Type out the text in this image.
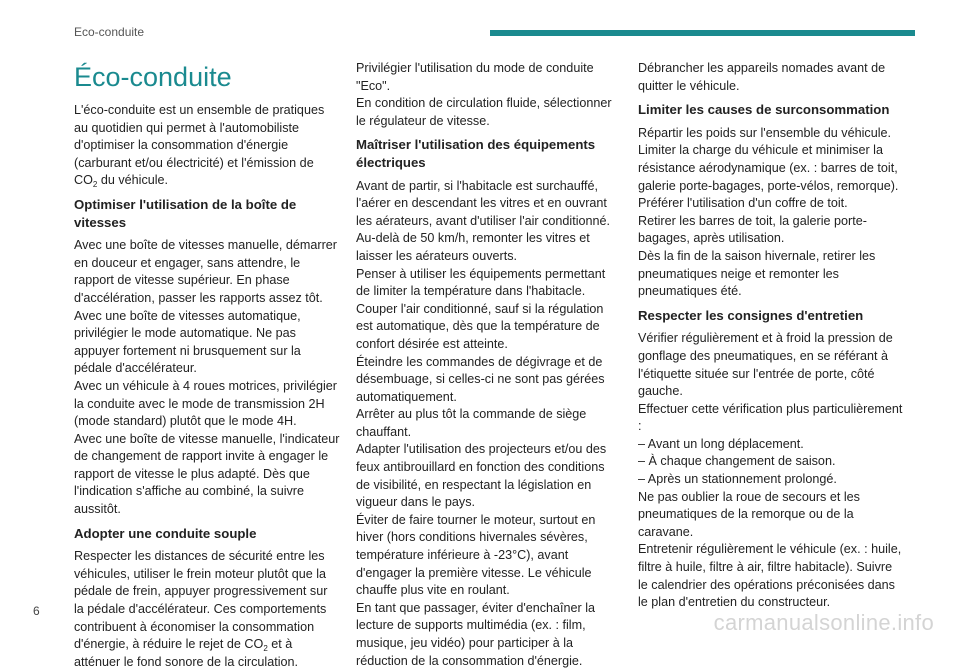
Eco-conduite
Éco-conduite

L'éco-conduite est un ensemble de pratiques au quotidien qui permet à l'automobiliste d'optimiser la consommation d'énergie (carburant et/ou électricité) et l'émission de $CO_2$ du véhicule.

Optimiser l'utilisation de la boîte de vitesses

Avec une boîte de vitesses manuelle, démarrer en douceur et engager, sans attendre, le rapport de vitesse supérieur. En phase d'accélération, passer les rapports assez tôt.

Avec une boîte de vitesses automatique, privilégier le mode automatique. Ne pas appuyer fortement ni brusquement sur la pédale d'accélérateur.

Avec un véhicule à 4 roues motrices, privilégier la conduite avec le mode de transmission 2H (mode standard) plutôt que le mode 4H.

Avec une boîte de vitesse manuelle, l'indicateur de changement de rapport invite à engager le rapport de vitesse le plus adapté. Dès que l'indication s'affiche au combiné, la suivre aussitôt.

Adopter une conduite souple

Respecter les distances de sécurité entre les véhicules, utiliser le frein moteur plutôt que la pédale de frein, appuyer progressivement sur la pédale d'accélérateur. Ces comportements contribuent à économiser la consommation d'énergie, à réduire le rejet de $CO_2$ et à atténuer le fond sonore de la circulation.

Privilégier l'utilisation du mode de conduite "Eco".

En condition de circulation fluide, sélectionner le régulateur de vitesse.

Maîtriser l'utilisation des équipements électriques

Avant de partir, si l'habitacle est surchauffé, l'aérer en descendant les vitres et en ouvrant les aérateurs, avant d'utiliser l'air conditionné.

Au-delà de 50 km/h, remonter les vitres et laisser les aérateurs ouverts.

Penser à utiliser les équipements permettant de limiter la température dans l'habitacle.

Couper l'air conditionné, sauf si la régulation est automatique, dès que la température de confort désirée est atteinte.

Éteindre les commandes de dégivrage et de désembuage, si celles-ci ne sont pas gérées automatiquement.

Arrêter au plus tôt la commande de siège chauffant.

Adapter l'utilisation des projecteurs et/ou des feux antibrouillard en fonction des conditions de visibilité, en respectant la législation en vigueur dans le pays.

Éviter de faire tourner le moteur, surtout en hiver (hors conditions hivernales sévères, température inférieure à -23°C), avant d'engager la première vitesse. Le véhicule chauffe plus vite en roulant.

En tant que passager, éviter d'enchaîner la lecture de supports multimédia (ex. : film, musique, jeu vidéo) pour participer à la réduction de la consommation d'énergie.

Débrancher les appareils nomades avant de quitter le véhicule.

Limiter les causes de surconsommation

Répartir les poids sur l'ensemble du véhicule.

Limiter la charge du véhicule et minimiser la résistance aérodynamique (ex. : barres de toit, galerie porte-bagages, porte-vélos, remorque).

Préférer l'utilisation d'un coffre de toit.

Retirer les barres de toit, la galerie porte-bagages, après utilisation.

Dès la fin de la saison hivernale, retirer les pneumatiques neige et remonter les pneumatiques été.

Respecter les consignes d'entretien

Vérifier régulièrement et à froid la pression de gonflage des pneumatiques, en se référant à l'étiquette située sur l'entrée de porte, côté gauche.

Effectuer cette vérification plus particulièrement :

– Avant un long déplacement.

– À chaque changement de saison.

– Après un stationnement prolongé.

Ne pas oublier la roue de secours et les pneumatiques de la remorque ou de la caravane.

Entretenir régulièrement le véhicule (ex. : huile, filtre à huile, filtre à air, filtre habitacle). Suivre le calendrier des opérations préconisées dans le plan d'entretien du constructeur.

6	carmanualsonline.info
